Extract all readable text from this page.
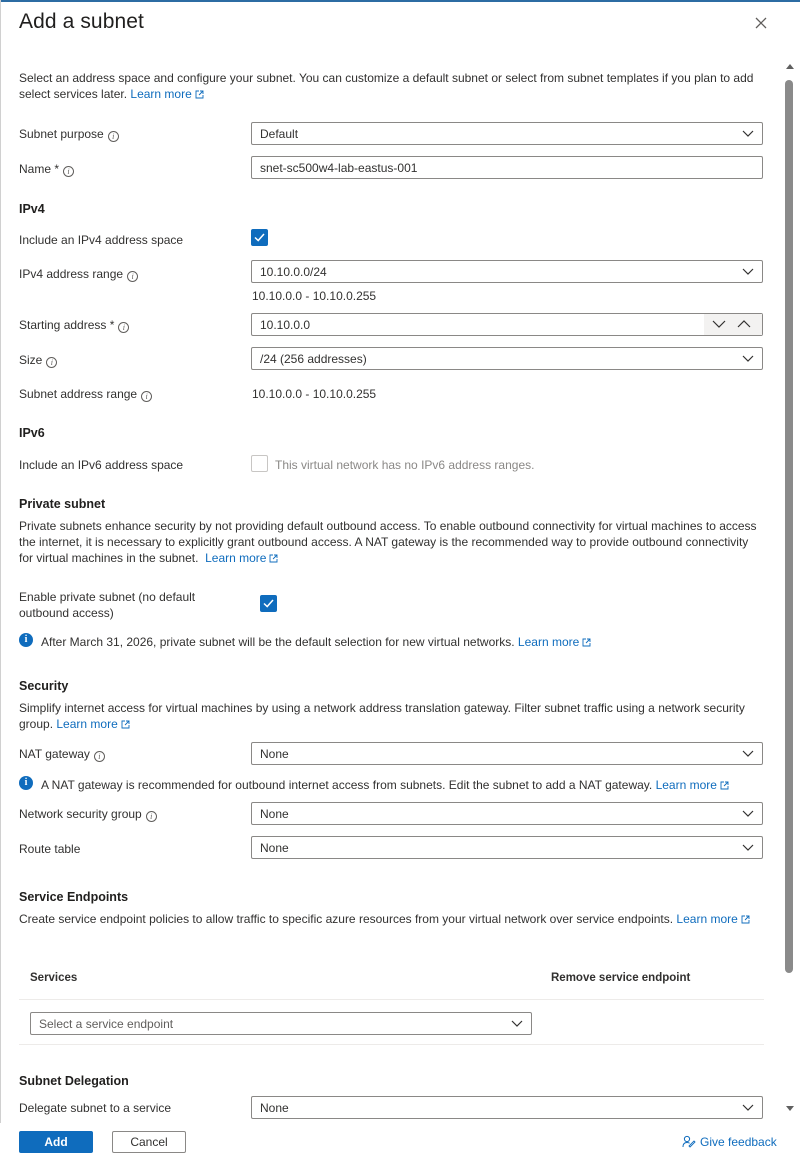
Add a subnet
Select an address space and configure your subnet. You can customize a default subnet or select from subnet templates if you plan to add select services later. Learn more
Subnet purpose i	Default
Name * i	snet-sc500w4-lab-eastus-001
IPv4
Include an IPv4 address space
IPv4 address range i	10.10.0.0/24
10.10.0.0 - 10.10.0.255
Starting address * i	10.10.0.0
Size i	/24 (256 addresses)
Subnet address range i	10.10.0.0 - 10.10.0.255
IPv6
Include an IPv6 address space	This virtual network has no IPv6 address ranges.
Private subnet
Private subnets enhance security by not providing default outbound access. To enable outbound connectivity for virtual machines to access
the internet, it is necessary to explicitly grant outbound access. A NAT gateway is the recommended way to provide outbound connectivity
for virtual machines in the subnet. Learn more
Enable private subnet (no default
outbound access)
i	After March 31, 2026, private subnet will be the default selection for new virtual networks. Learn more
Security
Simplify internet access for virtual machines by using a network address translation gateway. Filter subnet traffic using a network security
group. Learn more
NAT gateway i	None
i	A NAT gateway is recommended for outbound internet access from subnets. Edit the subnet to add a NAT gateway. Learn more
Network security group i	None
Route table	None
Service Endpoints
Create service endpoint policies to allow traffic to specific azure resources from your virtual network over service endpoints. Learn more
Services	Remove service endpoint
Select a service endpoint
Subnet Delegation
Delegate subnet to a service	None
Add	Cancel	Give feedback
